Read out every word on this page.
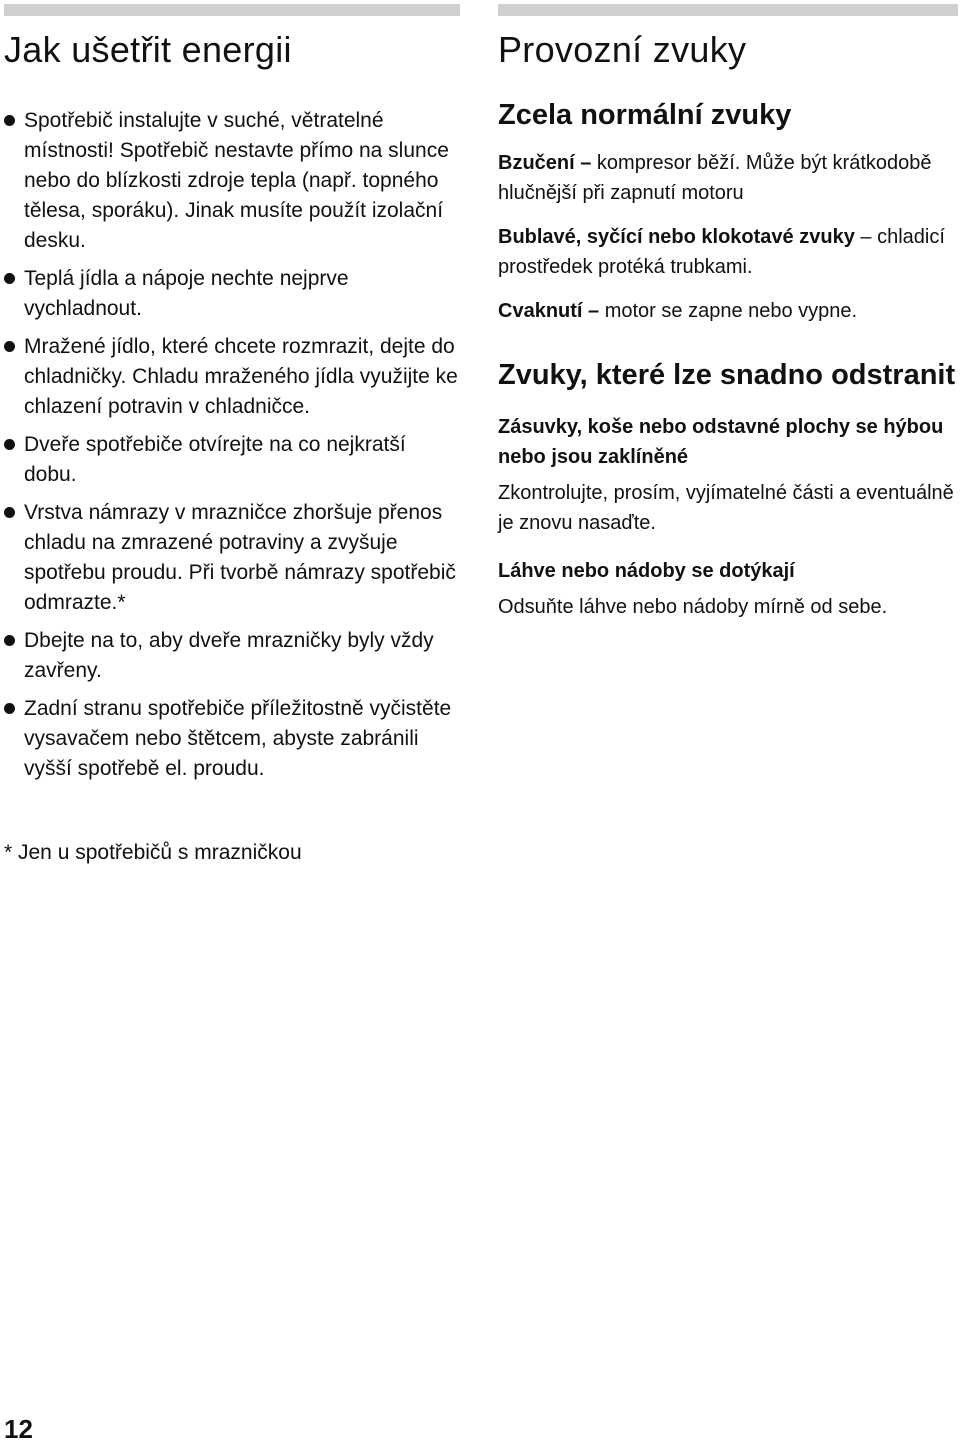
Jak ušetřit energii
Spotřebič instalujte v suché, větratelné místnosti! Spotřebič nestavte přímo na slunce nebo do blízkosti zdroje tepla (např. topného tělesa, sporáku). Jinak musíte použít izolační desku.
Teplá jídla a nápoje nechte nejprve vychladnout.
Mražené jídlo, které chcete rozmrazit, dejte do chladničky. Chladu mraženého jídla využijte ke chlazení potravin v chladničce.
Dveře spotřebiče otvírejte na co nejkratší dobu.
Vrstva námrazy v mrazničce zhoršuje přenos chladu na zmrazené potraviny a zvyšuje spotřebu proudu. Při tvorbě námrazy spotřebič odmrazte.*
Dbejte na to, aby dveře mrazničky byly vždy zavřeny.
Zadní stranu spotřebiče příležitostně vyčistěte vysavačem nebo štětcem, abyste zabránili vyšší spotřebě el. proudu.
Provozní zvuky
Zcela normální zvuky
Bzučení – kompresor běží. Může být krátkodobě hlučnější při zapnutí motoru
Bublavé, syčící nebo klokotavé zvuky – chladicí prostředek protéká trubkami.
Cvaknutí – motor se zapne nebo vypne.
Zvuky, které lze snadno odstranit
Zásuvky, koše nebo odstavné plochy se hýbou nebo jsou zaklíněné
Zkontrolujte, prosím, vyjímatelné části a eventuálně je znovu nasaďte.
Láhve nebo nádoby se dotýkají
Odsuňte láhve nebo nádoby mírně od sebe.
* Jen u spotřebičů s mrazničkou
12
